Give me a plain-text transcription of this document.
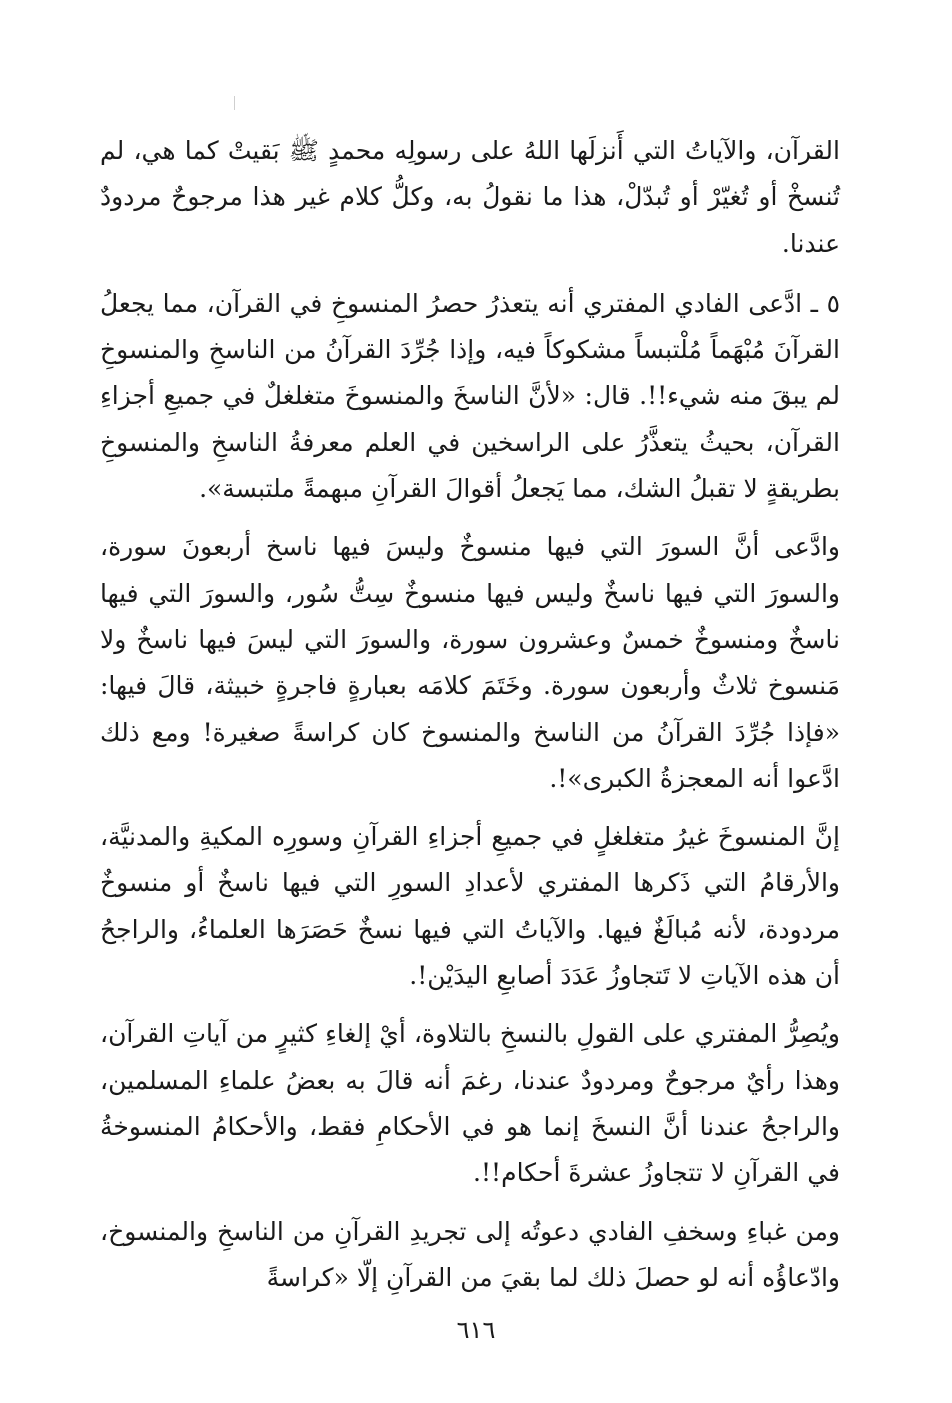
القرآن، والآياتُ التي أَنزلَها اللهُ على رسولِه محمدٍ ﷺ بَقيتْ كما هي، لم تُنسخْ أو تُغيّرْ أو تُبدّلْ، هذا ما نقولُ به، وكلُّ كلام غير هذا مرجوحٌ مردودٌ عندنا.

٥ ـ ادَّعى الفادي المفتري أنه يتعذرُ حصرُ المنسوخِ في القرآن، مما يجعلُ القرآنَ مُبْهَماً مُلْتبساً مشكوكاً فيه، وإذا جُرِّدَ القرآنُ من الناسخِ والمنسوخِ لم يبقَ منه شيء!!. قال: «لأنَّ الناسخَ والمنسوخَ متغلغلٌ في جميعِ أجزاءِ القرآن، بحيثُ يتعذَّرُ على الراسخين في العلم معرفةُ الناسخِ والمنسوخِ بطريقةٍ لا تقبلُ الشك، مما يَجعلُ أقوالَ القرآنِ مبهمةً ملتبسة».

وادَّعى أنَّ السورَ التي فيها منسوخٌ وليسَ فيها ناسخ أربعونَ سورة، والسورَ التي فيها ناسخٌ وليس فيها منسوخٌ سِتُّ سُور، والسورَ التي فيها ناسخٌ ومنسوخٌ خمسٌ وعشرون سورة، والسورَ التي ليسَ فيها ناسخٌ ولا مَنسوخ ثلاثٌ وأربعون سورة. وخَتَمَ كلامَه بعبارةٍ فاجرةٍ خبيثة، قالَ فيها: «فإذا جُرِّدَ القرآنُ من الناسخ والمنسوخ كان كراسةً صغيرة! ومع ذلك ادَّعوا أنه المعجزةُ الكبرى»!.

إنَّ المنسوخَ غيرُ متغلغلٍ في جميعِ أجزاءِ القرآنِ وسورِه المكيةِ والمدنيَّة، والأرقامُ التي ذَكرها المفتري لأعدادِ السورِ التي فيها ناسخٌ أو منسوخٌ مردودة، لأنه مُبالَغٌ فيها. والآياتُ التي فيها نسخٌ حَصَرَها العلماءُ، والراجحُ أن هذه الآياتِ لا تَتجاوزُ عَدَدَ أصابعِ اليدَيْن!.

ويُصِرُّ المفتري على القولِ بالنسخِ بالتلاوة، أيْ إلغاءِ كثيرٍ من آياتِ القرآن، وهذا رأيٌ مرجوحٌ ومردودٌ عندنا، رغمَ أنه قالَ به بعضُ علماءِ المسلمين، والراجحُ عندنا أنَّ النسخَ إنما هو في الأحكامِ فقط، والأحكامُ المنسوخةُ في القرآنِ لا تتجاوزُ عشرةَ أحكام!!.

ومن غباءِ وسخفِ الفادي دعوتُه إلى تجريدِ القرآنِ من الناسخِ والمنسوخ، وادّعاؤُه أنه لو حصلَ ذلك لما بقيَ من القرآنِ إلّا «كراسةً

٦١٦
